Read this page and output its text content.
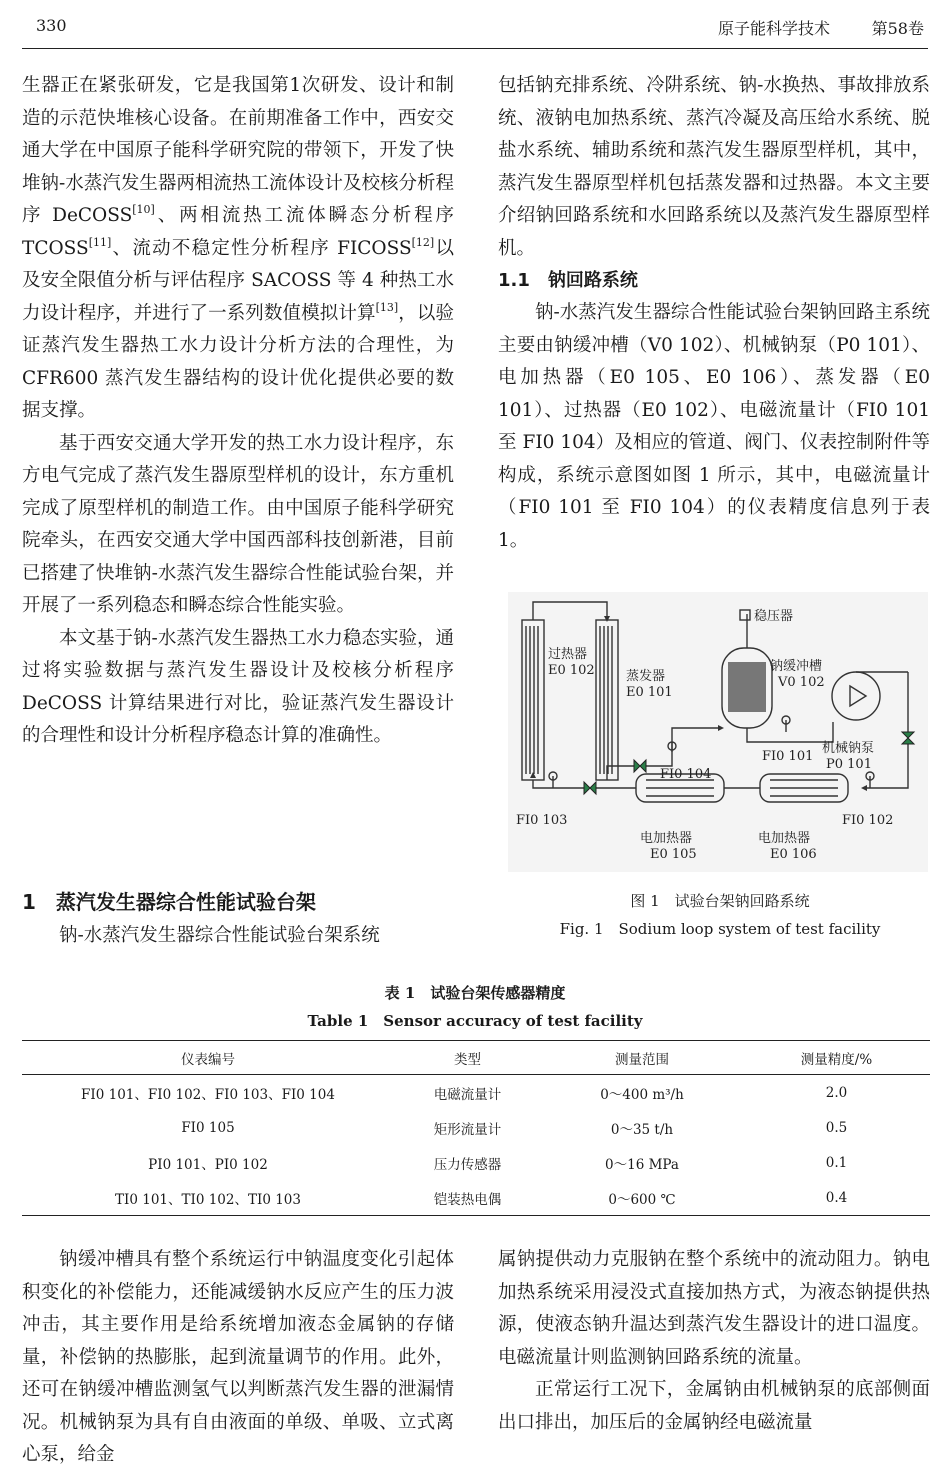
330	原子能科学技术	第58卷

生器正在紧张研发，它是我国第1次研发、设计和制造的示范快堆核心设备。在前期准备工作中，西安交通大学在中国原子能科学研究院的带领下，开发了快堆钠-水蒸汽发生器两相流热工流体设计及校核分析程序 DeCOSS[10]、两相流热工流体瞬态分析程序 TCOSS[11]、流动不稳定性分析程序 FICOSS[12]以及安全限值分析与评估程序 SACOSS 等 4 种热工水力设计程序，并进行了一系列数值模拟计算[13]，以验证蒸汽发生器热工水力设计分析方法的合理性，为 CFR600 蒸汽发生器结构的设计优化提供必要的数据支撑。

基于西安交通大学开发的热工水力设计程序，东方电气完成了蒸汽发生器原型样机的设计，东方重机完成了原型样机的制造工作。由中国原子能科学研究院牵头，在西安交通大学中国西部科技创新港，目前已搭建了快堆钠-水蒸汽发生器综合性能试验台架，并开展了一系列稳态和瞬态综合性能实验。

本文基于钠-水蒸汽发生器热工水力稳态实验，通过将实验数据与蒸汽发生器设计及校核分析程序 DeCOSS 计算结果进行对比，验证蒸汽发生器设计的合理性和设计分析程序稳态计算的准确性。

1　蒸汽发生器综合性能试验台架

钠-水蒸汽发生器综合性能试验台架系统

包括钠充排系统、冷阱系统、钠-水换热、事故排放系统、液钠电加热系统、蒸汽冷凝及高压给水系统、脱盐水系统、辅助系统和蒸汽发生器原型样机，其中，蒸汽发生器原型样机包括蒸发器和过热器。本文主要介绍钠回路系统和水回路系统以及蒸汽发生器原型样机。

1.1　钠回路系统

钠-水蒸汽发生器综合性能试验台架钠回路主系统主要由钠缓冲槽（V0 102）、机械钠泵（P0 101）、电加热器（E0 105、E0 106）、蒸发器（E0 101）、过热器（E0 102）、电磁流量计（FI0 101 至 FI0 104）及相应的管道、阀门、仪表控制附件等构成，系统示意图如图 1 所示，其中，电磁流量计（FI0 101 至 FI0 104）的仪表精度信息列于表 1。

稳压器
过热器
E0 102 蒸发器
E0 101
钠缓冲槽
V0 102
机械钠泵
P0 101
FI0 101
FI0 102
FI0 103
FI0 104
电加热器
E0 105
电加热器
E0 106
图 1　试验台架钠回路系统
Fig. 1　Sodium loop system of test facility
表 1　试验台架传感器精度
Table 1　Sensor accuracy of test facility
仪表编号	类型	测量范围	测量精度/%
FI0 101、FI0 102、FI0 103、FI0 104	电磁流量计	0～400 m³/h	2.0
FI0 105	矩形流量计	0～35 t/h	0.5
PI0 101、PI0 102	压力传感器	0～16 MPa	0.1
TI0 101、TI0 102、TI0 103	铠装热电偶	0～600 ℃	0.4

钠缓冲槽具有整个系统运行中钠温度变化引起体积变化的补偿能力，还能减缓钠水反应产生的压力波冲击，其主要作用是给系统增加液态金属钠的存储量，补偿钠的热膨胀，起到流量调节的作用。此外，还可在钠缓冲槽监测氢气以判断蒸汽发生器的泄漏情况。机械钠泵为具有自由液面的单级、单吸、立式离心泵，给金

属钠提供动力克服钠在整个系统中的流动阻力。钠电加热系统采用浸没式直接加热方式，为液态钠提供热源，使液态钠升温达到蒸汽发生器设计的进口温度。电磁流量计则监测钠回路系统的流量。

正常运行工况下，金属钠由机械钠泵的底部侧面出口排出，加压后的金属钠经电磁流量
